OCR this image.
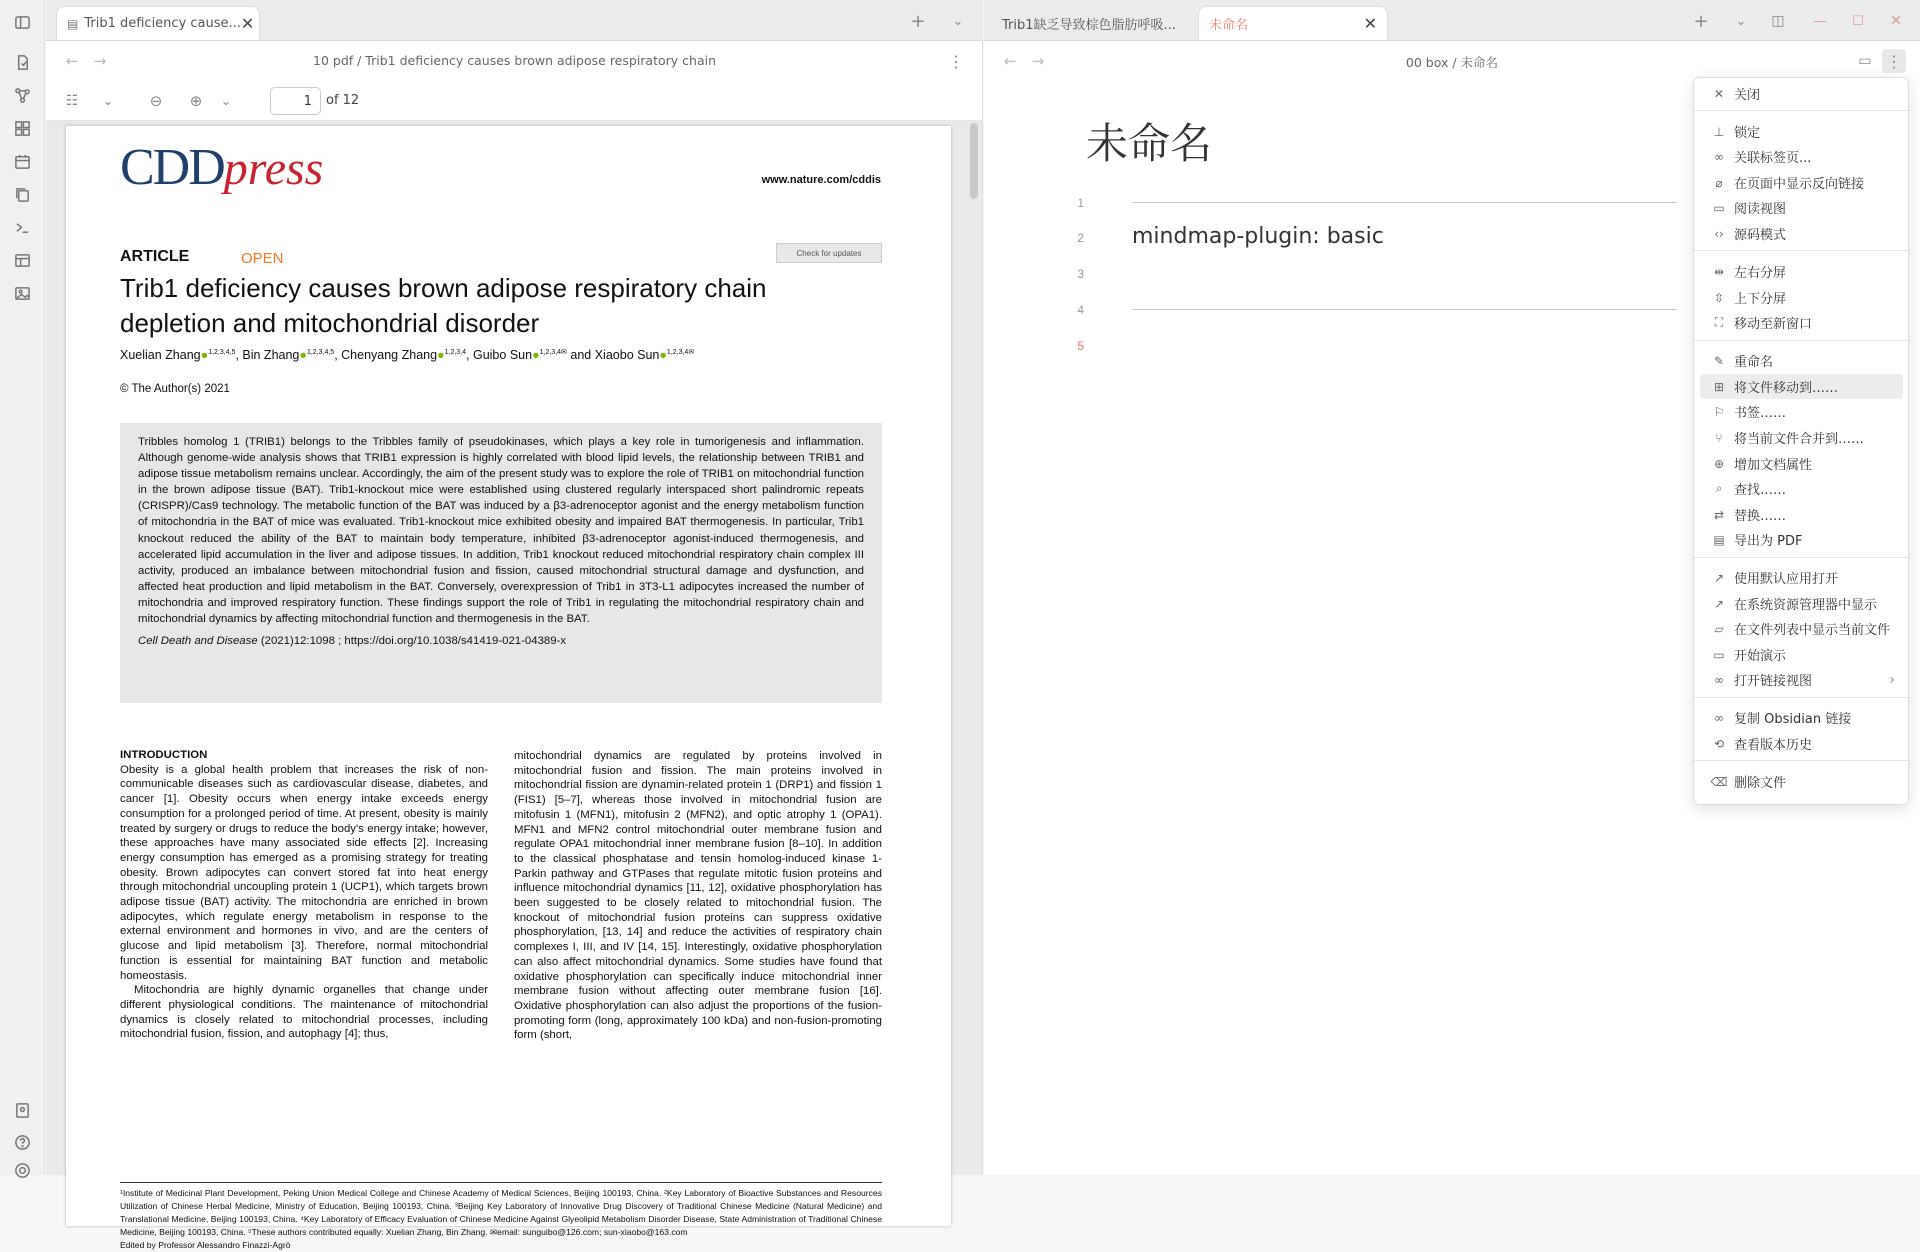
▤ Trib1 deficiency cause... ✕	+	⌄
←	→	10 pdf / Trib1 deficiency causes brown adipose respiratory chain	⋮
☷	⌄	⊖	⊕	⌄
1	of 12
CDDpress	www.nature.com/cddis
ARTICLE	OPEN	Check for updates
Trib1 deficiency causes brown adipose respiratory chain
depletion and mitochondrial disorder
Xuelian Zhang●$^{1,2,3,4,5}$, Bin Zhang●$^{1,2,3,4,5}$, Chenyang Zhang●$^{1,2,3,4}$, Guibo Sun●$^{1,2,3,4✉}$ and Xiaobo Sun●$^{1,2,3,4✉}$
© The Author(s) 2021
Tribbles homolog 1 (TRIB1) belongs to the Tribbles family of pseudokinases, which plays a key role in tumorigenesis and inflammation. Although genome-wide analysis shows that TRIB1 expression is highly correlated with blood lipid levels, the relationship between TRIB1 and adipose tissue metabolism remains unclear. Accordingly, the aim of the present study was to explore the role of TRIB1 on mitochondrial function in the brown adipose tissue (BAT). Trib1-knockout mice were established using clustered regularly interspaced short palindromic repeats (CRISPR)/Cas9 technology. The metabolic function of the BAT was induced by a β3-adrenoceptor agonist and the energy metabolism function of mitochondria in the BAT of mice was evaluated. Trib1-knockout mice exhibited obesity and impaired BAT thermogenesis. In particular, Trib1 knockout reduced the ability of the BAT to maintain body temperature, inhibited β3-adrenoceptor agonist-induced thermogenesis, and accelerated lipid accumulation in the liver and adipose tissues. In addition, Trib1 knockout reduced mitochondrial respiratory chain complex III activity, produced an imbalance between mitochondrial fusion and fission, caused mitochondrial structural damage and dysfunction, and affected heat production and lipid metabolism in the BAT. Conversely, overexpression of Trib1 in 3T3-L1 adipocytes increased the number of mitochondria and improved respiratory function. These findings support the role of Trib1 in regulating the mitochondrial respiratory chain and mitochondrial dynamics by affecting mitochondrial function and thermogenesis in the BAT.
Cell Death and Disease (2021)12:1098 ; https://doi.org/10.1038/s41419-021-04389-x
INTRODUCTION
Obesity is a global health problem that increases the risk of non-communicable diseases such as cardiovascular disease, diabetes, and cancer [1]. Obesity occurs when energy intake exceeds energy consumption for a prolonged period of time. At present, obesity is mainly treated by surgery or drugs to reduce the body's energy intake; however, these approaches have many associated side effects [2]. Increasing energy consumption has emerged as a promising strategy for treating obesity. Brown adipocytes can convert stored fat into heat energy through mitochondrial uncoupling protein 1 (UCP1), which targets brown adipose tissue (BAT) activity. The mitochondria are enriched in brown adipocytes, which regulate energy metabolism in response to the external environment and hormones in vivo, and are the centers of glucose and lipid metabolism [3]. Therefore, normal mitochondrial function is essential for maintaining BAT function and metabolic homeostasis.
Mitochondria are highly dynamic organelles that change under different physiological conditions. The maintenance of mitochondrial dynamics is closely related to mitochondrial processes, including mitochondrial fusion, fission, and autophagy [4]; thus,
mitochondrial dynamics are regulated by proteins involved in mitochondrial fusion and fission. The main proteins involved in mitochondrial fission are dynamin-related protein 1 (DRP1) and fission 1 (FIS1) [5–7], whereas those involved in mitochondrial fusion are mitofusin 1 (MFN1), mitofusin 2 (MFN2), and optic atrophy 1 (OPA1). MFN1 and MFN2 control mitochondrial outer membrane fusion and regulate OPA1 mitochondrial inner membrane fusion [8–10]. In addition to the classical phosphatase and tensin homolog-induced kinase 1-Parkin pathway and GTPases that regulate mitotic fusion proteins and influence mitochondrial dynamics [11, 12], oxidative phosphorylation has been suggested to be closely related to mitochondrial fusion. The knockout of mitochondrial fusion proteins can suppress oxidative phosphorylation, [13, 14] and reduce the activities of respiratory chain complexes I, III, and IV [14, 15]. Interestingly, oxidative phosphorylation can also affect mitochondrial dynamics. Some studies have found that oxidative phosphorylation can specifically induce mitochondrial inner membrane fusion without affecting outer membrane fusion [16]. Oxidative phosphorylation can also adjust the proportions of the fusion-promoting form (long, approximately 100 kDa) and non-fusion-promoting form (short,
¹Institute of Medicinal Plant Development, Peking Union Medical College and Chinese Academy of Medical Sciences, Beijing 100193, China. ²Key Laboratory of Bioactive Substances and Resources Utilization of Chinese Herbal Medicine, Ministry of Education, Beijing 100193, China. ³Beijing Key Laboratory of Innovative Drug Discovery of Traditional Chinese Medicine (Natural Medicine) and Translational Medicine, Beijing 100193, China. ⁴Key Laboratory of Efficacy Evaluation of Chinese Medicine Against Glyeolipid Metabolism Disorder Disease, State Administration of Traditional Chinese Medicine, Beijing 100193, China. ⁵These authors contributed equally: Xuelian Zhang, Bin Zhang. ✉email: sunguibo@126.com; sun-xiaobo@163.com
Edited by Professor Alessandro Finazzi-Agrò
Trib1缺乏导致棕色脂肪呼吸...	未命名	✕	+	⌄	◫	—	☐	✕
←	→	00 box / 未命名	▭ ⋮
未命名
1
2 mindmap-plugin: basic
3
4
5
✕ 关闭
⊥ 锁定
∞ 关联标签页...
⌀ 在页面中显示反向链接
▭ 阅读视图
‹› 源码模式
⇹ 左右分屏
⇳ 上下分屏
⛶ 移动至新窗口
✎ 重命名
⊞ 将文件移动到……
⚐ 书签……
⑂ 将当前文件合并到……
⊕ 增加文档属性
⌕ 查找……
⇄ 替换……
▤ 导出为 PDF
↗ 使用默认应用打开
↗ 在系统资源管理器中显示
▱ 在文件列表中显示当前文件
▭ 开始演示
∞ 打开链接视图	›
∞ 复制 Obsidian 链接
⟲ 查看版本历史
⌫ 删除文件
